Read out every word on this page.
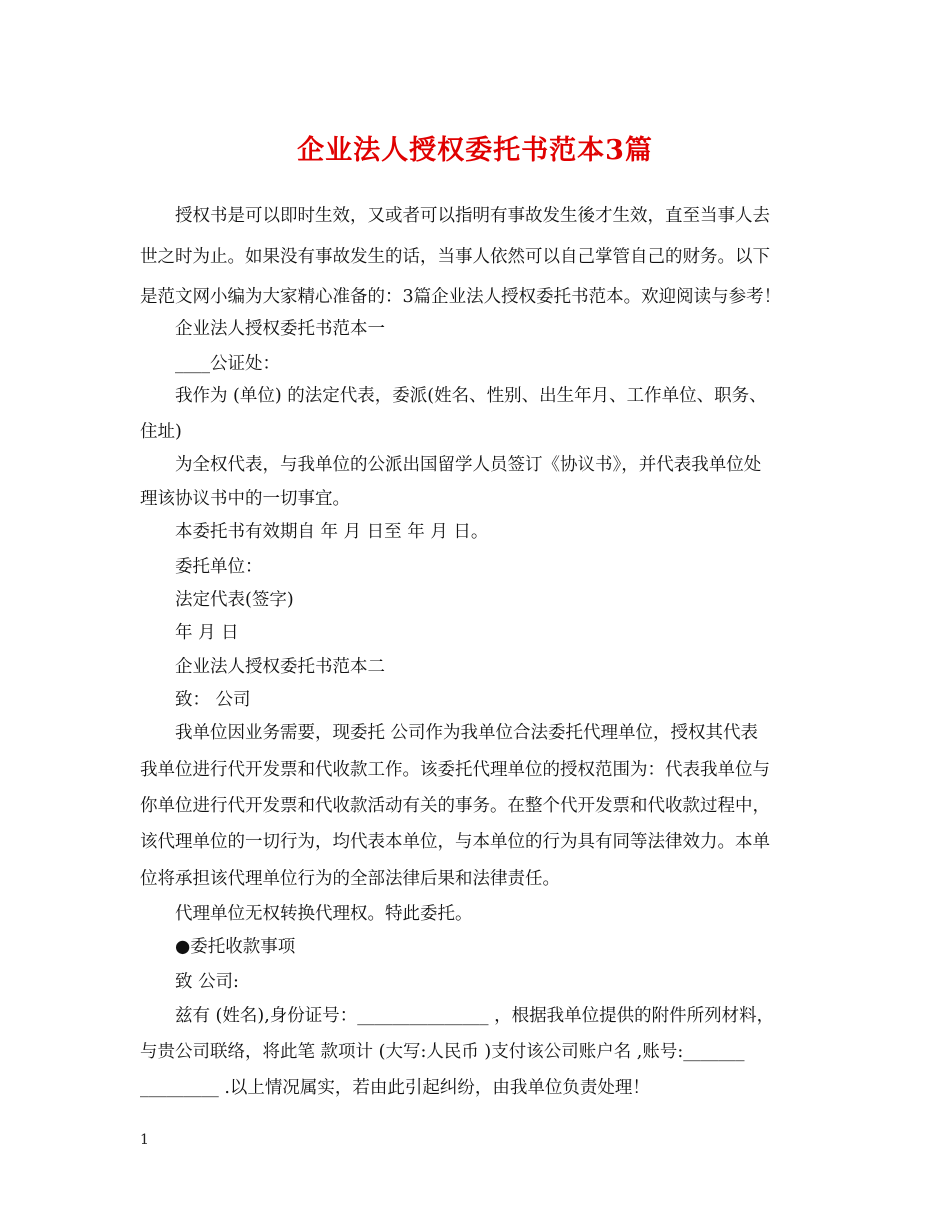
企业法人授权委托书范本3篇
　　授权书是可以即时生效，又或者可以指明有事故发生後才生效，直至当事人去
世之时为止。如果没有事故发生的话，当事人依然可以自己掌管自己的财务。以下
是范文网小编为大家精心准备的：3篇企业法人授权委托书范本。欢迎阅读与参考！
　　企业法人授权委托书范本一
　　____公证处：
　　我作为 (单位) 的法定代表，委派(姓名、性别、出生年月、工作单位、职务、
住址)
　　为全权代表，与我单位的公派出国留学人员签订《协议书》，并代表我单位处
理该协议书中的一切事宜。
　　本委托书有效期自 年 月 日至 年 月 日。
　　委托单位：
　　法定代表(签字)
　　年 月 日
　　企业法人授权委托书范本二
　　致： 公司
　　我单位因业务需要，现委托 公司作为我单位合法委托代理单位，授权其代表
我单位进行代开发票和代收款工作。该委托代理单位的授权范围为：代表我单位与
你单位进行代开发票和代收款活动有关的事务。在整个代开发票和代收款过程中，
该代理单位的一切行为，均代表本单位，与本单位的行为具有同等法律效力。本单
位将承担该代理单位行为的全部法律后果和法律责任。
　　代理单位无权转换代理权。特此委托。
　　●委托收款事项
　　致 公司:
　　兹有 (姓名),身份证号：_______________ ，根据我单位提供的附件所列材料，
与贵公司联络，将此笔 款项计 (大写:人民币 )支付该公司账户名 ,账号:_______
_________ .以上情况属实，若由此引起纠纷，由我单位负责处理！
1
